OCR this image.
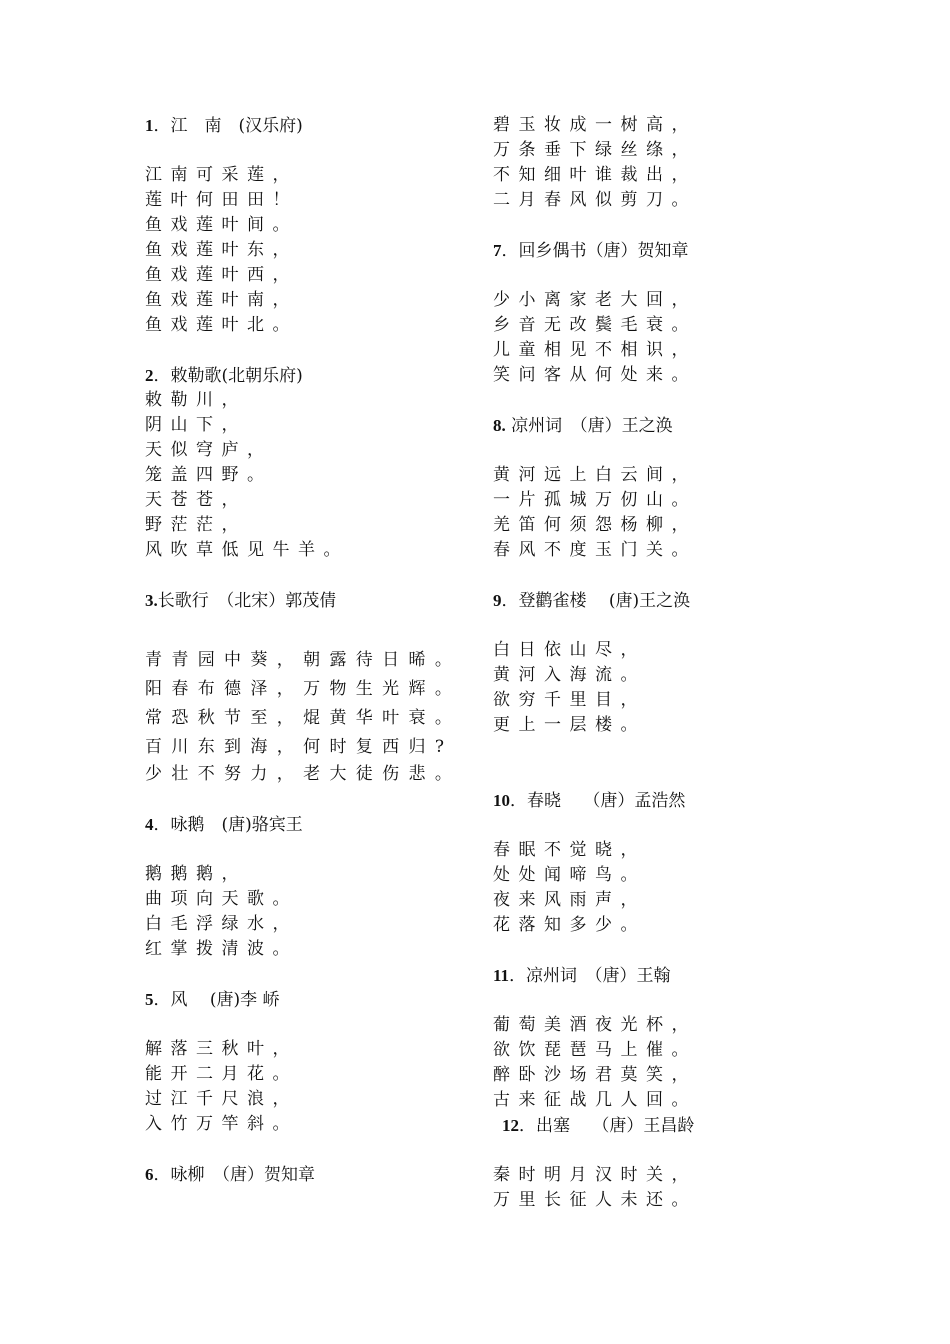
1．江　南　(汉乐府)
江南可采莲，
莲叶何田田！
鱼戏莲叶间。
鱼戏莲叶东，
鱼戏莲叶西，
鱼戏莲叶南，
鱼戏莲叶北。
2．敕勒歌(北朝乐府)
敕勒川，
阴山下，
天似穹庐，
笼盖四野。
天苍苍，
野茫茫，
风吹草低见牛羊。
3.长歌行　（北宋）郭茂倩
青青园中葵，朝露待日晞。
阳春布德泽，万物生光辉。
常恐秋节至，焜黄华叶衰。
百川东到海，何时复西归?
少壮不努力，老大徒伤悲。
4．咏鹅　(唐)骆宾王
鹅鹅鹅，
曲项向天歌。
白毛浮绿水，
红掌拨清波。
5．风　 (唐)李 峤
解落三秋叶，
能开二月花。
过江千尺浪，
入竹万竿斜。
6．咏柳　（唐）贺知章
碧玉妆成一树高，
万条垂下绿丝绦，
不知细叶谁裁出，
二月春风似剪刀。
7．回乡偶书（唐）贺知章
少小离家老大回，
乡音无改鬓毛衰。
儿童相见不相识，
笑问客从何处来。
8. 凉州词　（唐）王之涣
黄河远上白云间，
一片孤城万仞山。
羌笛何须怨杨柳，
春风不度玉门关。
9．登鹳雀楼　 (唐)王之涣
白日依山尽，
黄河入海流。
欲穷千里目，
更上一层楼。
10．春晓　 （唐）孟浩然
春眠不觉晓，
处处闻啼鸟。
夜来风雨声，
花落知多少。
11．凉州词　（唐）王翰
葡萄美酒夜光杯，
欲饮琵琶马上催。
醉卧沙场君莫笑，
古来征战几人回。
12．出塞　 （唐）王昌龄
秦时明月汉时关，
万里长征人未还。
